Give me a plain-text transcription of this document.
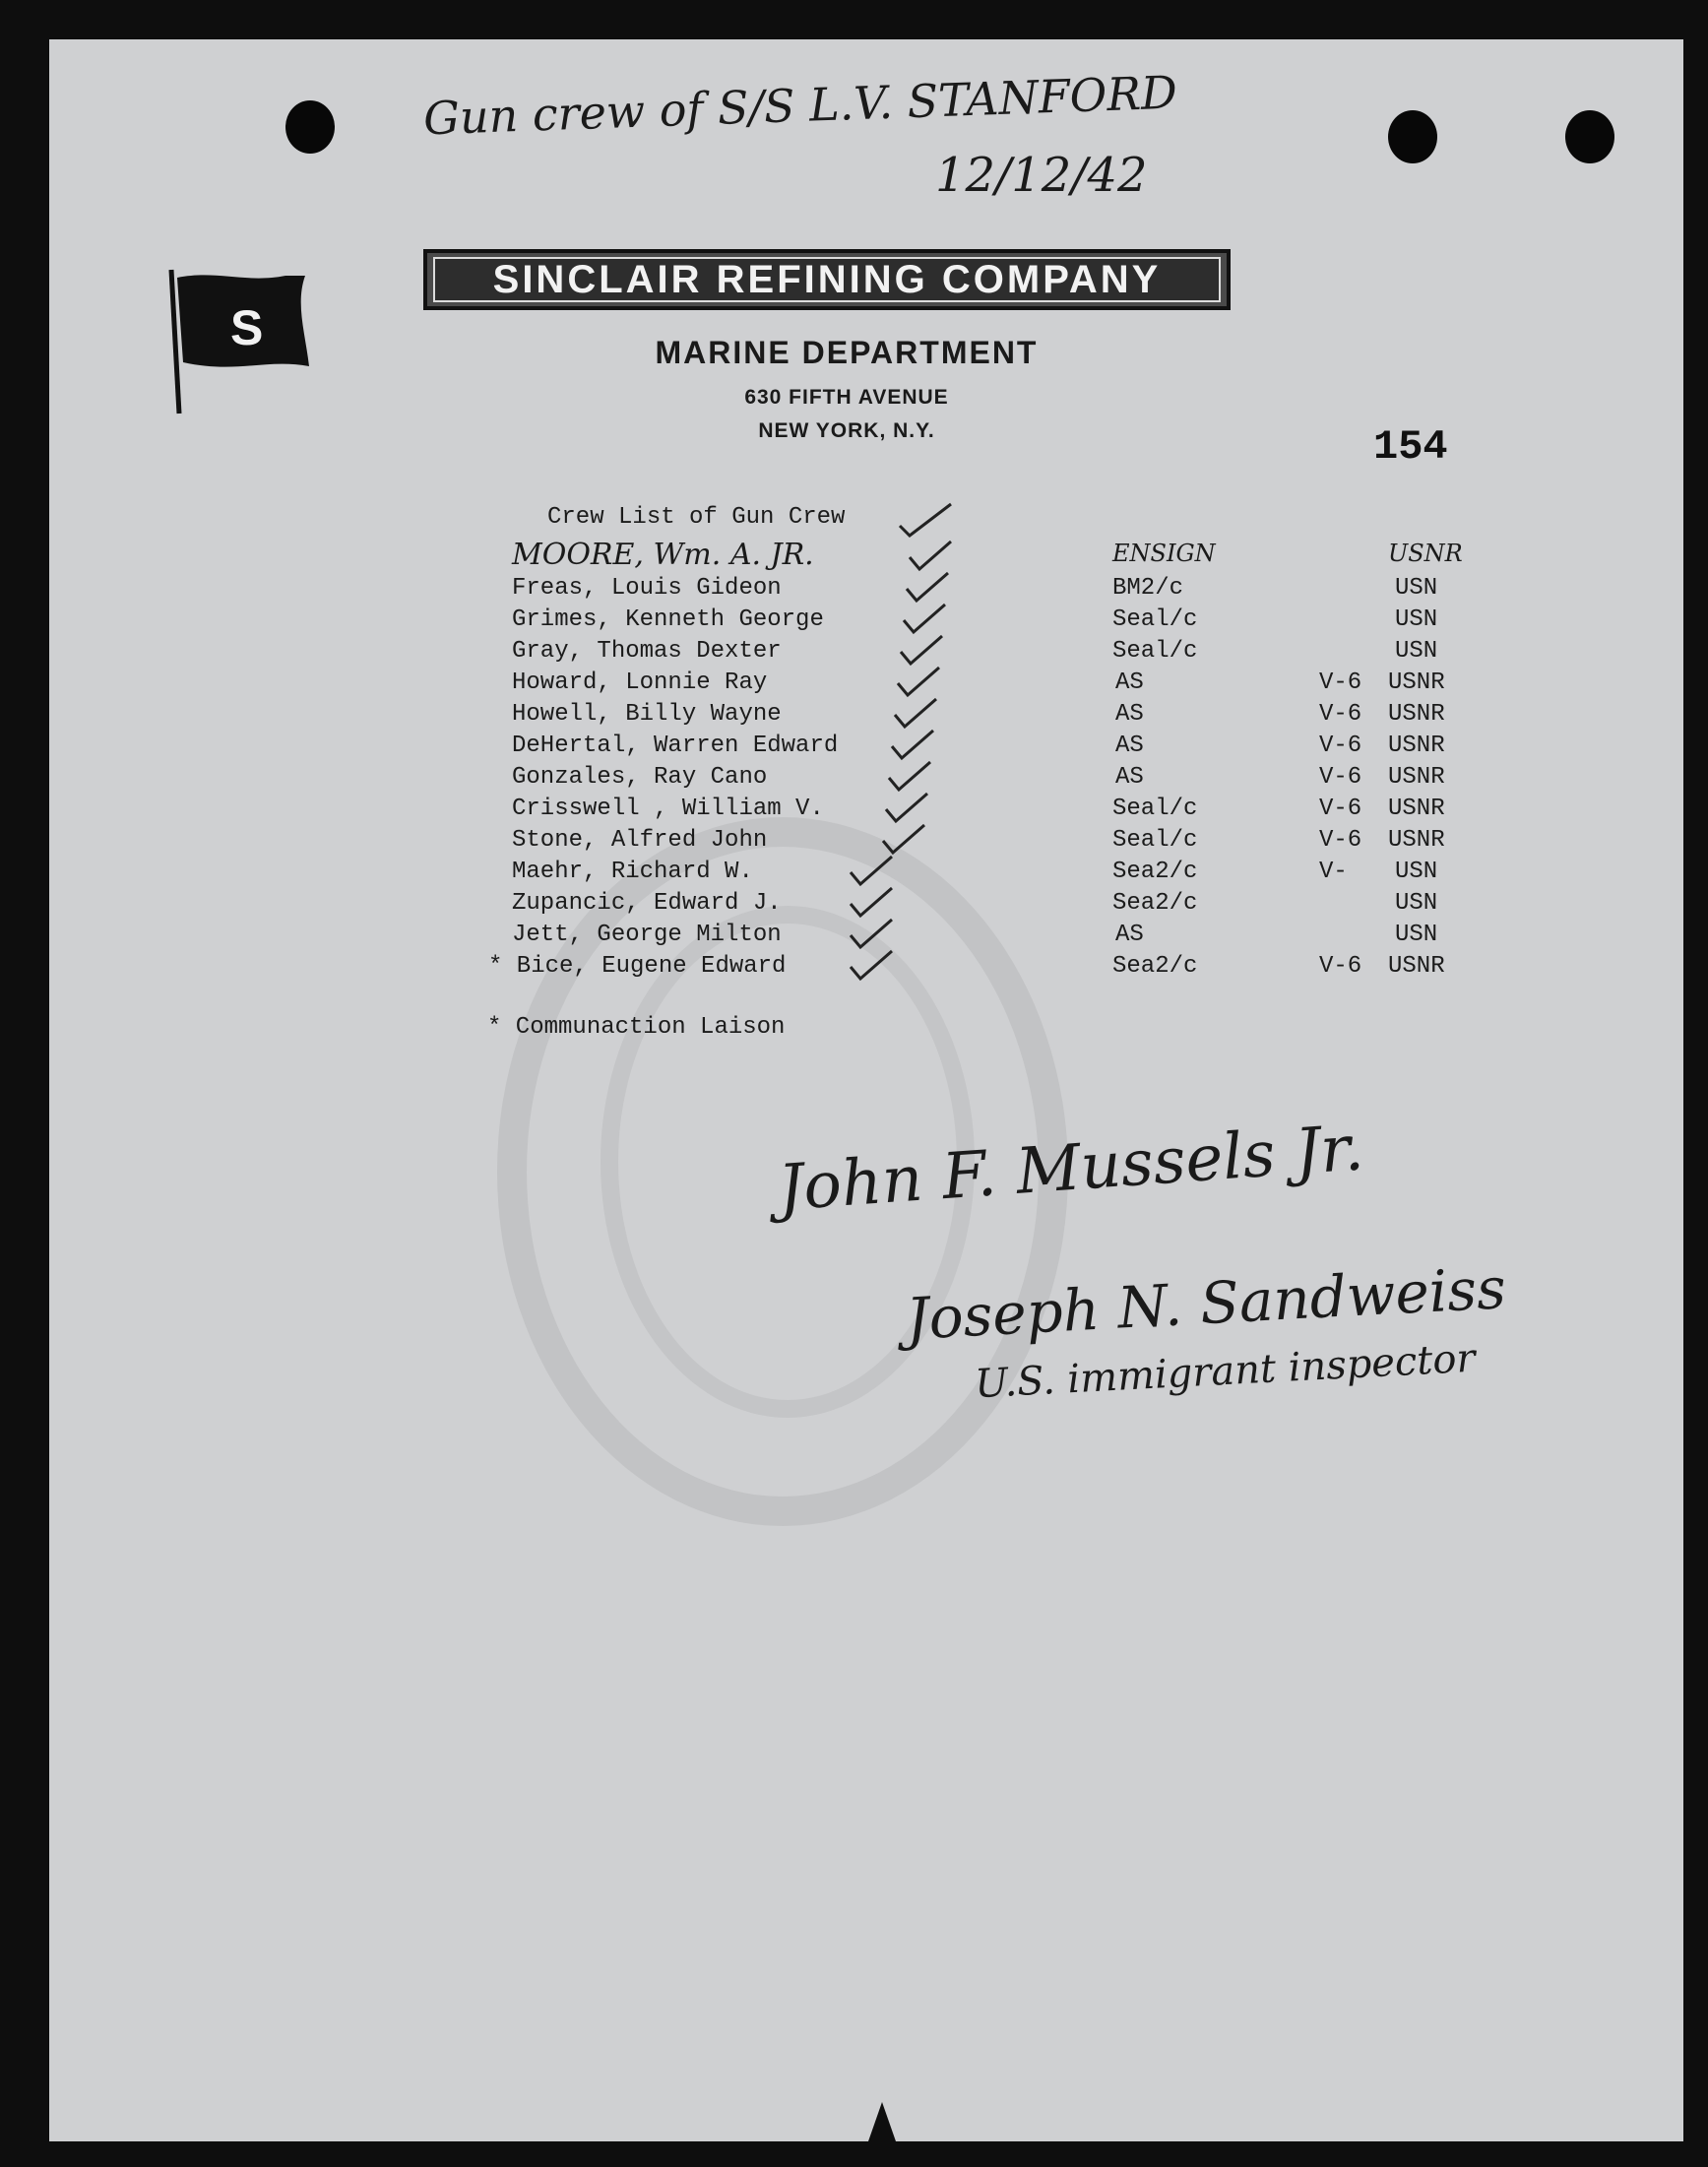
Gun crew of S/S L.V. STANFORD
12/12/42
S
SINCLAIR REFINING COMPANY
MARINE DEPARTMENT
630 FIFTH AVENUE
NEW YORK, N.Y.	154
Crew List of Gun Crew
* Communaction Laison
John F. Mussels Jr.
Joseph N. Sandweiss
U.S. immigrant inspector
MOORE, Wm. A. JR.	ENSIGN	USNR
Freas, Louis Gideon	BM2/c	USN
Grimes, Kenneth George	Seal/c	USN
Gray, Thomas Dexter	Seal/c	USN
Howard, Lonnie Ray	AS	V-6 USNR
Howell, Billy Wayne	AS	V-6 USNR
DeHertal, Warren Edward	AS	V-6 USNR
Gonzales, Ray Cano	AS	V-6 USNR
Crisswell , William V.	Seal/c	V-6 USNR
Stone, Alfred John	Seal/c	V-6 USNR
Maehr, Richard W.	Sea2/c	V- USN
Zupancic, Edward J.	Sea2/c	USN
Jett, George Milton	AS	USN
* Bice, Eugene Edward	Sea2/c	V-6 USNR
